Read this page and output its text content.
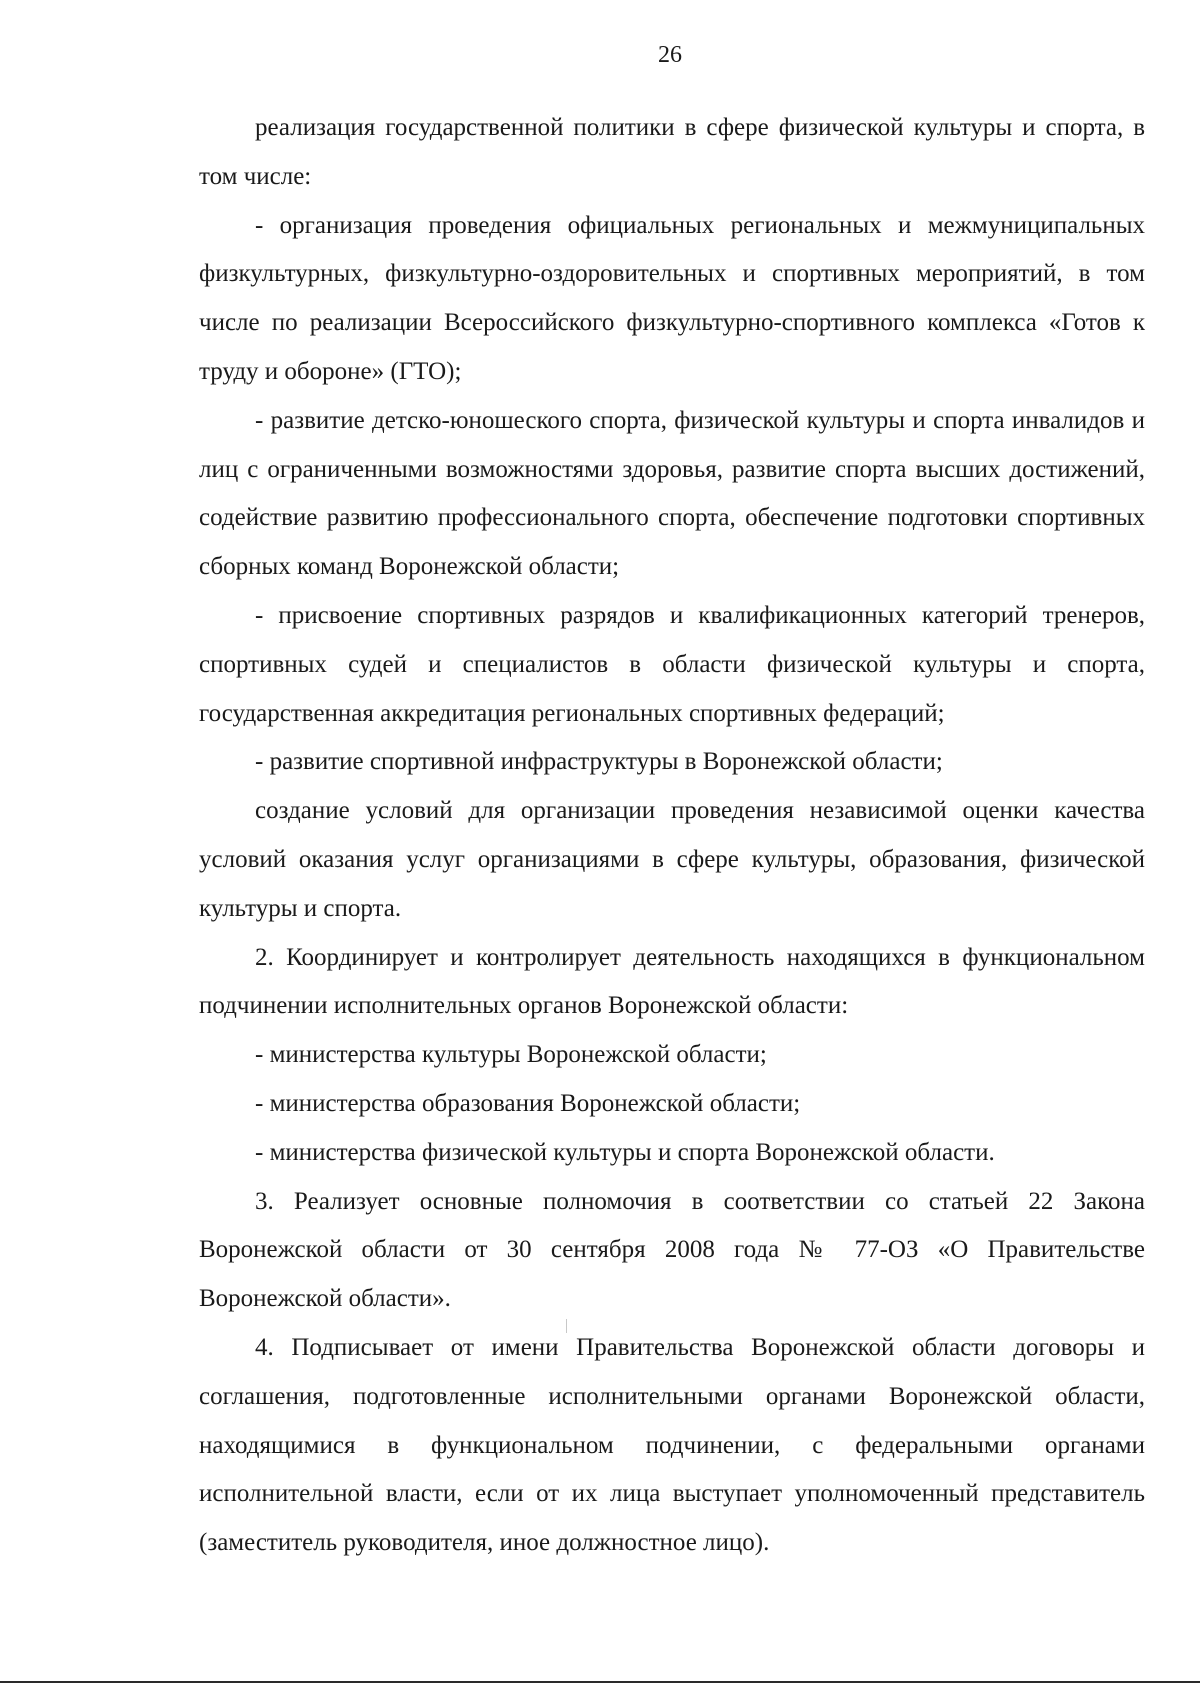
26

реализация государственной политики в сфере физической культуры и спорта, в том числе:

- организация проведения официальных региональных и межмуниципальных физкультурных, физкультурно-оздоровительных и спортивных мероприятий, в том числе по реализации Всероссийского физкультурно-спортивного комплекса «Готов к труду и обороне» (ГТО);

- развитие детско-юношеского спорта, физической культуры и спорта инвалидов и лиц с ограниченными возможностями здоровья, развитие спорта высших достижений, содействие развитию профессионального спорта, обеспечение подготовки спортивных сборных команд Воронежской области;

- присвоение спортивных разрядов и квалификационных категорий тренеров, спортивных судей и специалистов в области физической культуры и спорта, государственная аккредитация региональных спортивных федераций;

- развитие спортивной инфраструктуры в Воронежской области;

создание условий для организации проведения независимой оценки качества условий оказания услуг организациями в сфере культуры, образования, физической культуры и спорта.

2. Координирует и контролирует деятельность находящихся в функциональном подчинении исполнительных органов Воронежской области:

- министерства культуры Воронежской области;

- министерства образования Воронежской области;

- министерства физической культуры и спорта Воронежской области.

3. Реализует основные полномочия в соответствии со статьей 22 Закона Воронежской области от 30 сентября 2008 года № 77-ОЗ «О Правительстве Воронежской области».

4. Подписывает от имени Правительства Воронежской области договоры и соглашения, подготовленные исполнительными органами Воронежской области, находящимися в функциональном подчинении, с федеральными органами исполнительной власти, если от их лица выступает уполномоченный представитель (заместитель руководителя, иное должностное лицо).
